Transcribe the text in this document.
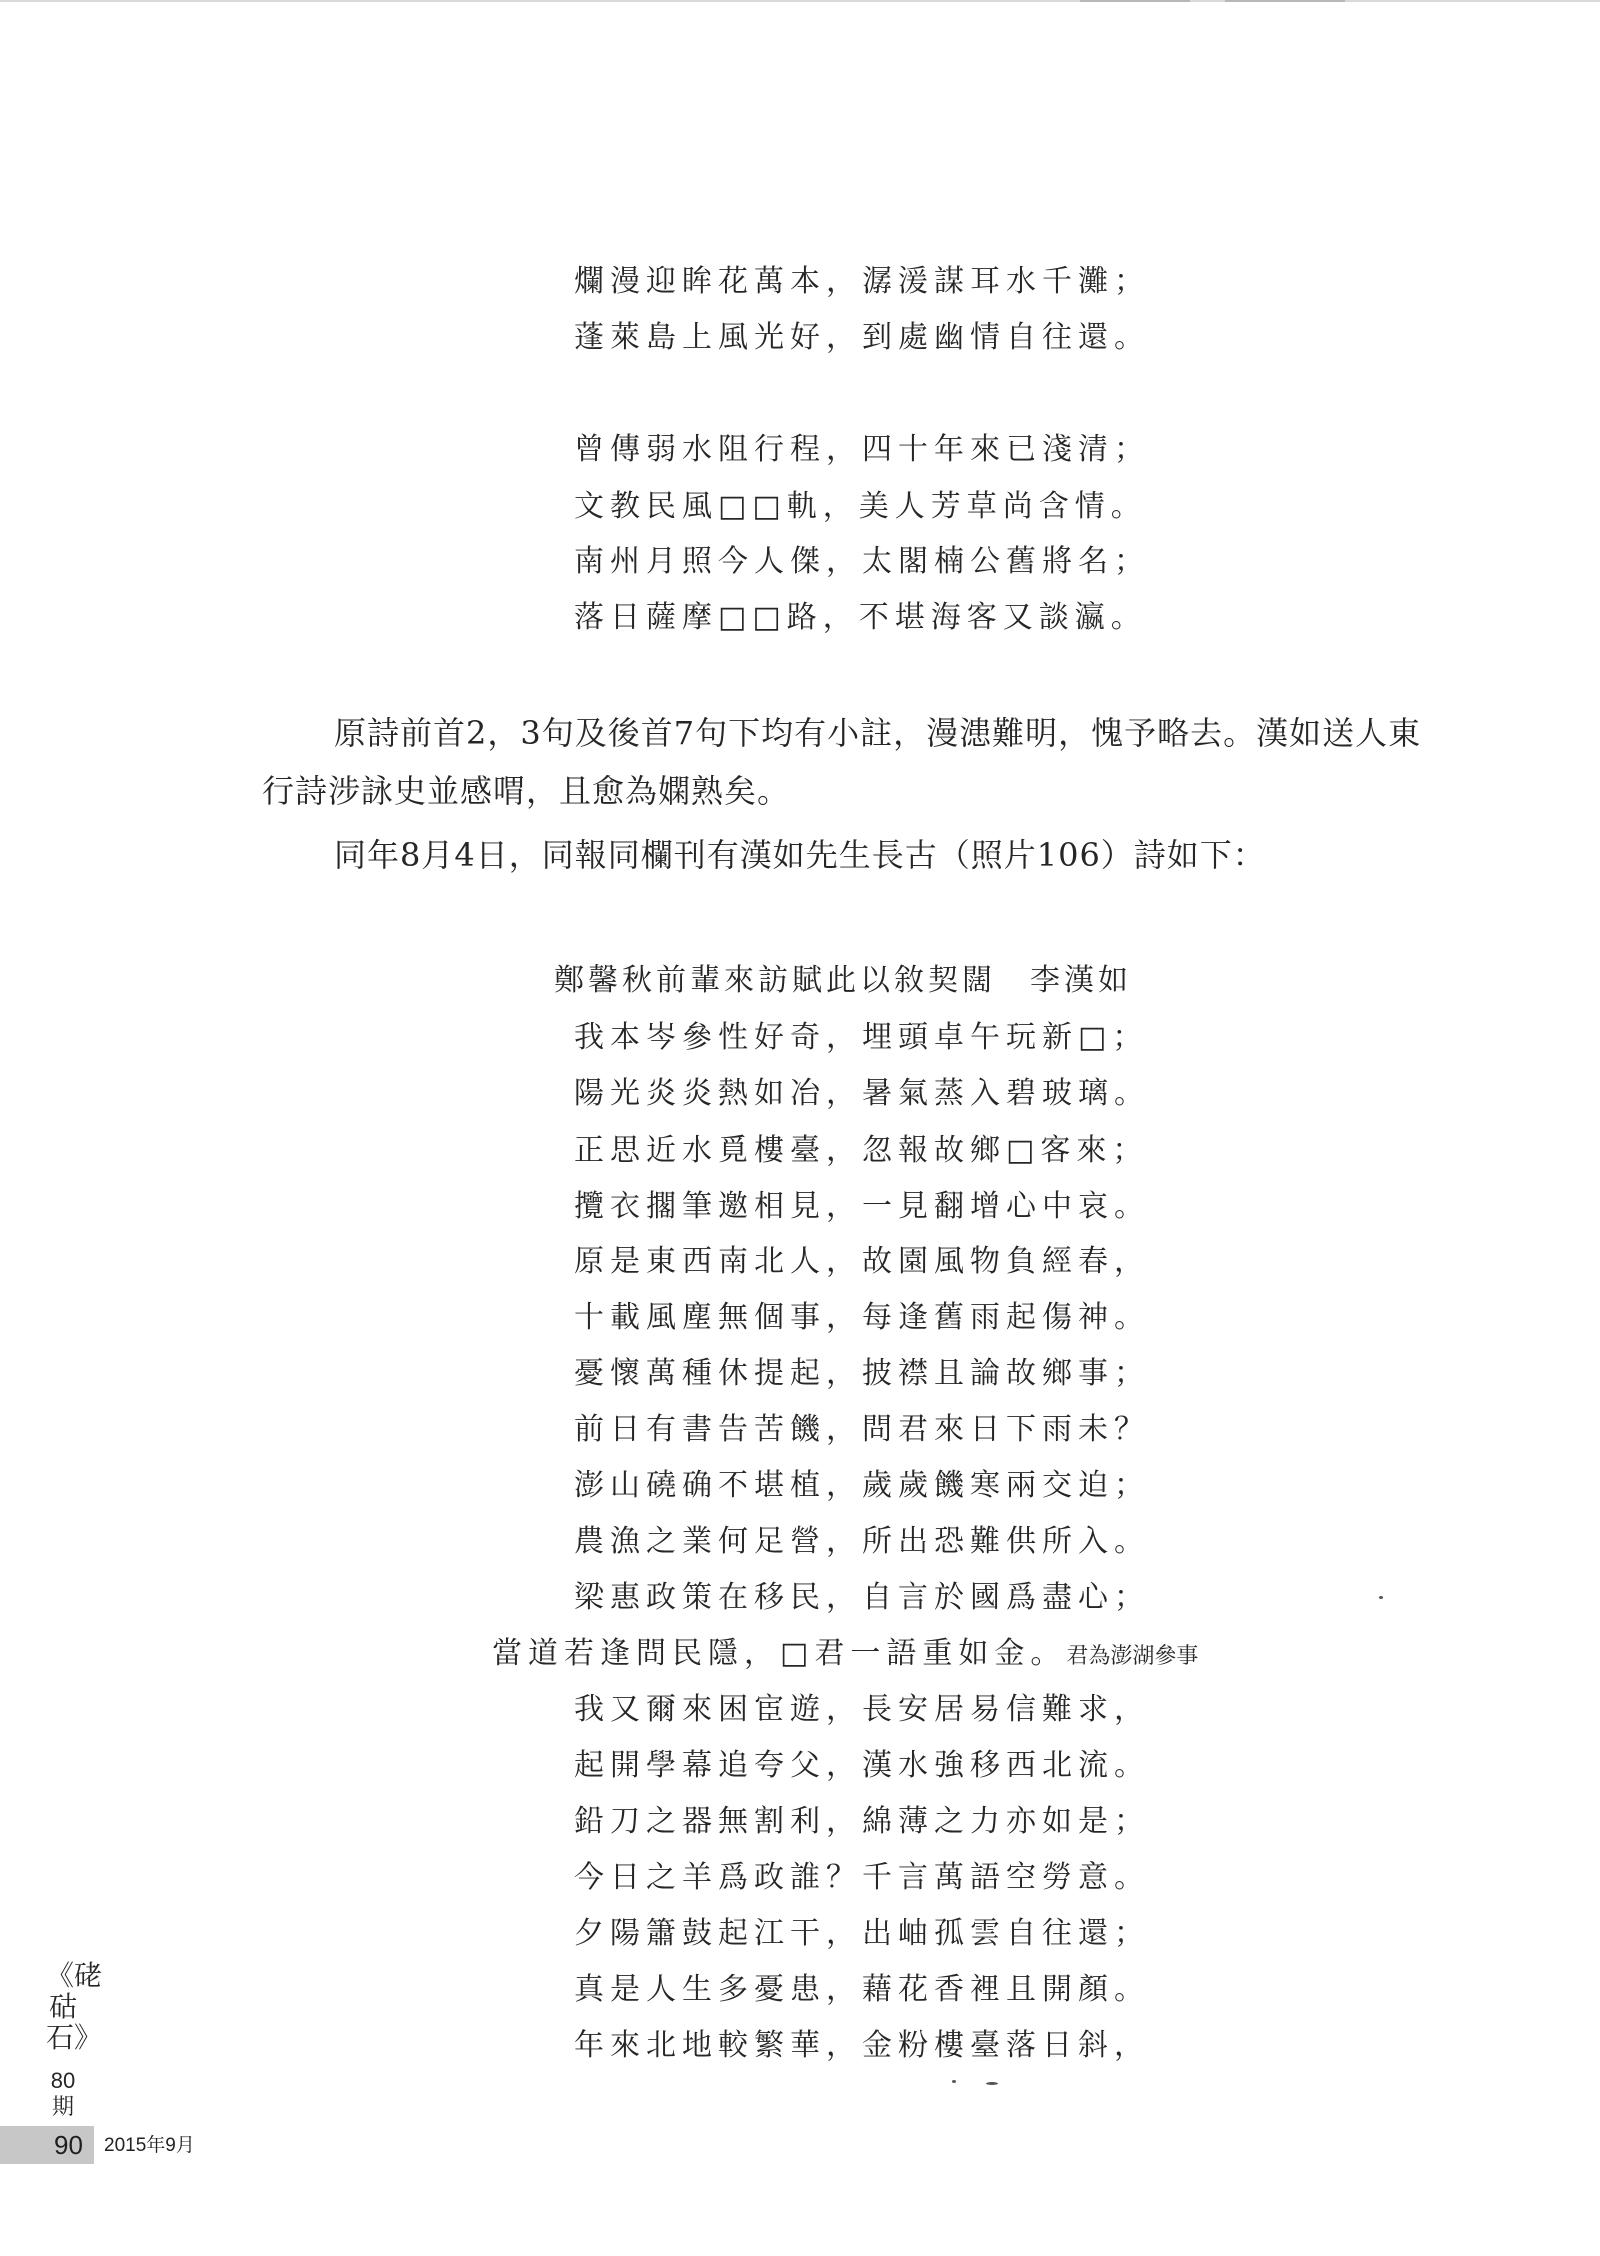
爛漫迎眸花萬本，潺湲謀耳水千灘；
蓬萊島上風光好，到處幽情自往還。
曾傳弱水阻行程，四十年來已淺清；
文教民風□□軌，美人芳草尚含情。
南州月照今人傑，太閣楠公舊將名；
落日薩摩□□路，不堪海客又談瀛。
原詩前首2，3句及後首7句下均有小註，漫漶難明，愧予略去。漢如送人東
行詩涉詠史並感喟，且愈為嫻熟矣。
同年8月4日，同報同欄刊有漢如先生長古（照片106）詩如下：
鄭馨秋前輩來訪賦此以敘契闊　李漢如
我本岑參性好奇，埋頭卓午玩新□；
陽光炎炎熱如冶，暑氣蒸入碧玻璃。
正思近水覓樓臺，忽報故鄉□客來；
攬衣擱筆邀相見，一見翻增心中哀。
原是東西南北人，故園風物負經春，
十載風塵無個事，每逢舊雨起傷神。
憂懷萬種休提起，披襟且論故鄉事；
前日有書告苦饑，問君來日下雨未？
澎山磽确不堪植，歲歲饑寒兩交迫；
農漁之業何足營，所出恐難供所入。
梁惠政策在移民，自言於國爲盡心；
當道若逢問民隱，□君一語重如金。君為澎湖參事
我又爾來困宦遊，長安居易信難求，
起開學幕追夸父，漢水強移西北流。
鉛刀之器無割利，綿薄之力亦如是；
今日之羊爲政誰？千言萬語空勞意。
夕陽簫鼓起江干，出岫孤雲自往還；
真是人生多憂患，藉花香裡且開顏。
年來北地較繁華，金粉樓臺落日斜，
《硓𥑮石》
80期
90 2015年9月
